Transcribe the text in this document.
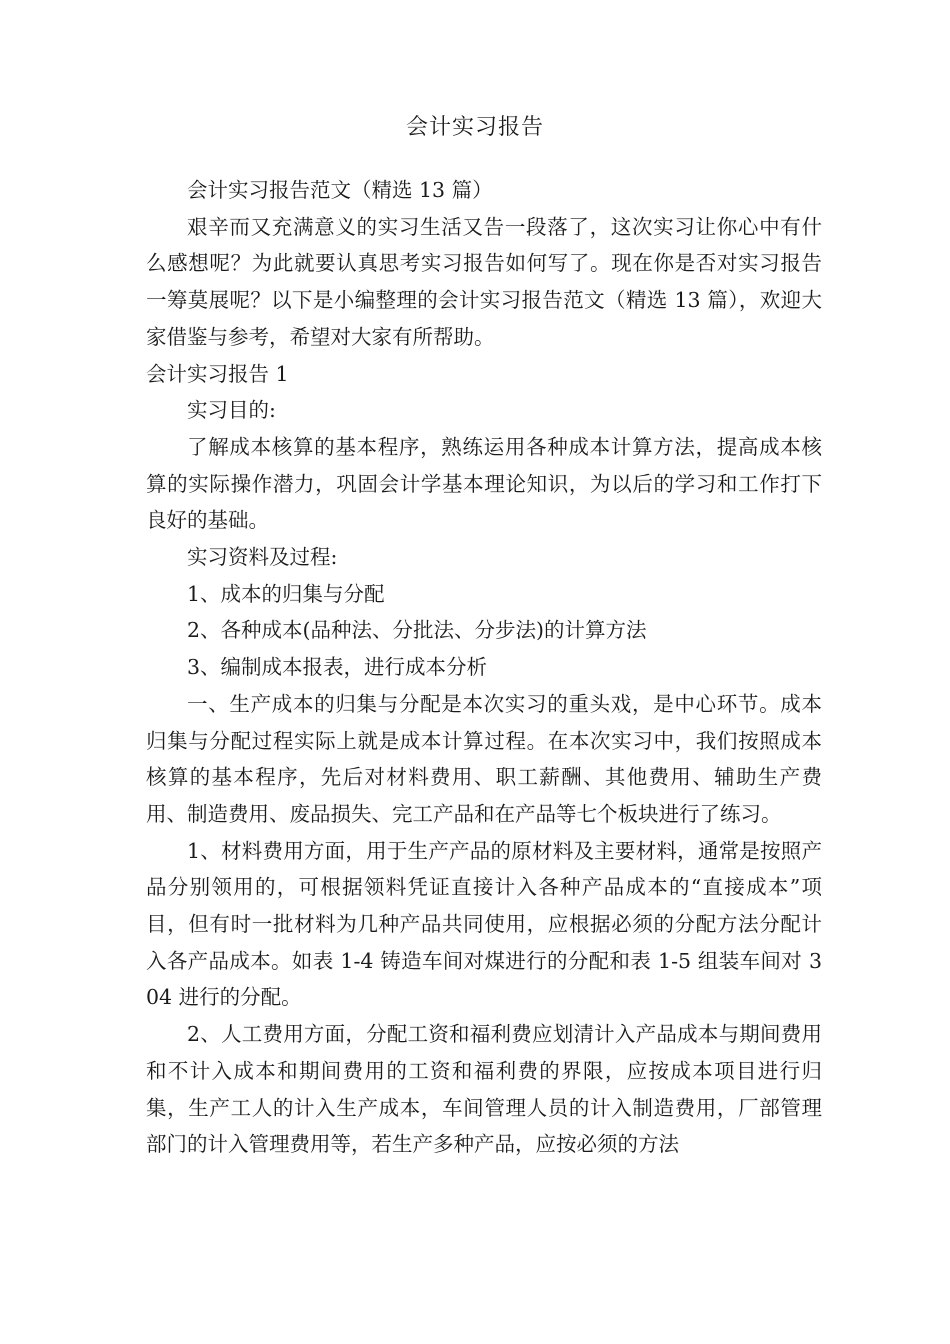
会计实习报告

会计实习报告范文（精选 13 篇）

艰辛而又充满意义的实习生活又告一段落了，这次实习让你心中有什么感想呢？为此就要认真思考实习报告如何写了。现在你是否对实习报告一筹莫展呢？以下是小编整理的会计实习报告范文（精选 13 篇），欢迎大家借鉴与参考，希望对大家有所帮助。

会计实习报告 1

实习目的:

了解成本核算的基本程序，熟练运用各种成本计算方法，提高成本核算的实际操作潜力，巩固会计学基本理论知识，为以后的学习和工作打下良好的基础。

实习资料及过程:

1、成本的归集与分配

2、各种成本(品种法、分批法、分步法)的计算方法

3、编制成本报表，进行成本分析

一、生产成本的归集与分配是本次实习的重头戏，是中心环节。成本归集与分配过程实际上就是成本计算过程。在本次实习中，我们按照成本核算的基本程序，先后对材料费用、职工薪酬、其他费用、辅助生产费用、制造费用、废品损失、完工产品和在产品等七个板块进行了练习。

1、材料费用方面，用于生产产品的原材料及主要材料，通常是按照产品分别领用的，可根据领料凭证直接计入各种产品成本的“直接成本”项目，但有时一批材料为几种产品共同使用，应根据必须的分配方法分配计入各产品成本。如表 1-4 铸造车间对煤进行的分配和表 1-5 组装车间对 304 进行的分配。

2、人工费用方面，分配工资和福利费应划清计入产品成本与期间费用和不计入成本和期间费用的工资和福利费的界限，应按成本项目进行归集，生产工人的计入生产成本，车间管理人员的计入制造费用，厂部管理部门的计入管理费用等，若生产多种产品，应按必须的方法
